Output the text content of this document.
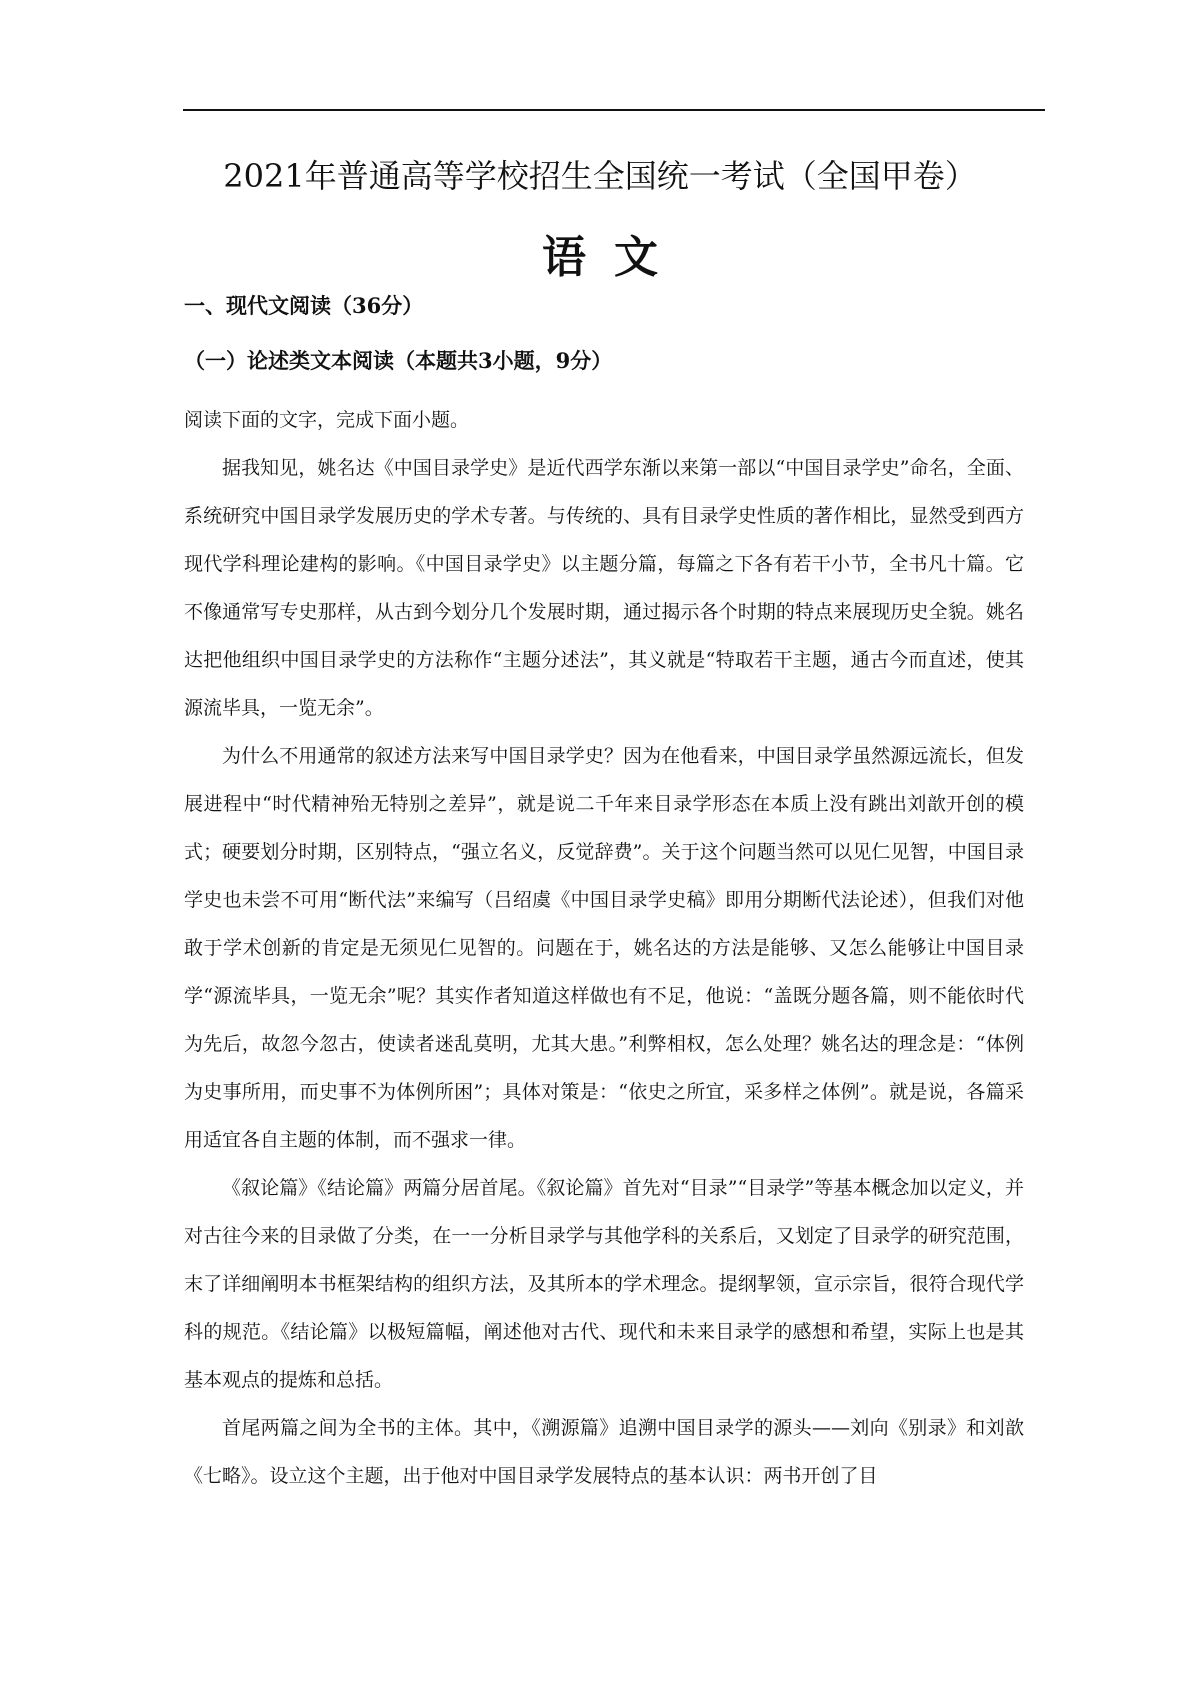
2021年普通高等学校招生全国统一考试（全国甲卷）
语文
一、现代文阅读（36分）
（一）论述类文本阅读（本题共3小题，9分）
阅读下面的文字，完成下面小题。

据我知见，姚名达《中国目录学史》是近代西学东渐以来第一部以“中国目录学史”命名，全面、系统研究中国目录学发展历史的学术专著。与传统的、具有目录学史性质的著作相比，显然受到西方现代学科理论建构的影响。《中国目录学史》以主题分篇，每篇之下各有若干小节，全书凡十篇。它不像通常写专史那样，从古到今划分几个发展时期，通过揭示各个时期的特点来展现历史全貌。姚名达把他组织中国目录学史的方法称作“主题分述法”，其义就是“特取若干主题，通古今而直述，使其源流毕具，一览无余”。

为什么不用通常的叙述方法来写中国目录学史？因为在他看来，中国目录学虽然源远流长，但发展进程中“时代精神殆无特别之差异”，就是说二千年来目录学形态在本质上没有跳出刘歆开创的模式；硬要划分时期，区别特点，“强立名义，反觉辞费”。关于这个问题当然可以见仁见智，中国目录学史也未尝不可用“断代法”来编写（吕绍虞《中国目录学史稿》即用分期断代法论述），但我们对他敢于学术创新的肯定是无须见仁见智的。问题在于，姚名达的方法是能够、又怎么能够让中国目录学“源流毕具，一览无余”呢？其实作者知道这样做也有不足，他说：“盖既分题各篇，则不能依时代为先后，故忽今忽古，使读者迷乱莫明，尤其大患。”利弊相权，怎么处理？姚名达的理念是：“体例为史事所用，而史事不为体例所困”；具体对策是：“依史之所宜，采多样之体例”。就是说，各篇采用适宜各自主题的体制，而不强求一律。

《叙论篇》《结论篇》两篇分居首尾。《叙论篇》首先对“目录”“目录学”等基本概念加以定义，并对古往今来的目录做了分类，在一一分析目录学与其他学科的关系后，又划定了目录学的研究范围，末了详细阐明本书框架结构的组织方法，及其所本的学术理念。提纲挈领，宣示宗旨，很符合现代学科的规范。《结论篇》以极短篇幅，阐述他对古代、现代和未来目录学的感想和希望，实际上也是其基本观点的提炼和总括。

首尾两篇之间为全书的主体。其中，《溯源篇》追溯中国目录学的源头——刘向《别录》和刘歆《七略》。设立这个主题，出于他对中国目录学发展特点的基本认识：两书开创了目
